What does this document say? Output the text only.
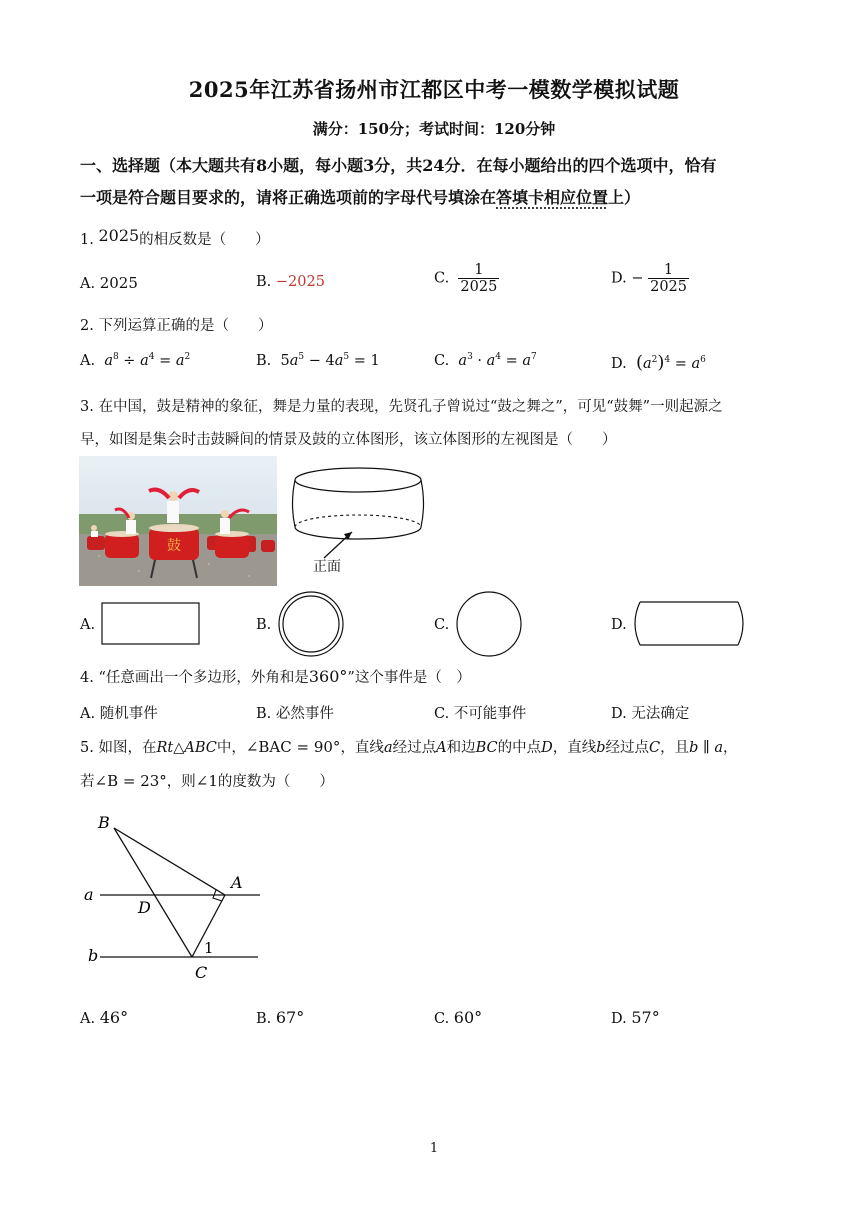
2025年江苏省扬州市江都区中考一模数学模拟试题
满分：150分；考试时间：120分钟
一、选择题（本大题共有8小题，每小题3分，共24分．在每小题给出的四个选项中，恰有
一项是符合题目要求的，请将正确选项前的字母代号填涂在答填卡相应位置上）
1. 2025的相反数是（　　）
A. 2025	B. −2025	C. $\frac{1}{2025}$	D. − $\frac{1}{2025}$
2. 下列运算正确的是（　　）
A. $a^8 \div a^4 = a^2$	B.  $5a^5 - 4a^5 = 1$	C. $a^3 \cdot a^4 = a^7$	D. $(a^2)^4 = a^6$
3. 在中国，鼓是精神的象征，舞是力量的表现，先贤孔子曾说过“鼓之舞之”，可见“鼓舞”一则起源之
早，如图是集会时击鼓瞬间的情景及鼓的立体图形，该立体图形的左视图是（　　）
鼓
正面
A.	B.	C.	D.
4. “任意画出一个多边形，外角和是360°”这个事件是（　）
A. 随机事件	B. 必然事件	C. 不可能事件	D. 无法确定
5. 如图，在Rt△ABC中，∠BAC = 90°，直线a经过点A和边BC的中点D，直线b经过点C，且b ∥ a，
若∠B = 23°，则∠1的度数为（　　）
B
A
a
D
b	1
C
A. 46°	B. 67°	C. 60°	D. 57°
1
